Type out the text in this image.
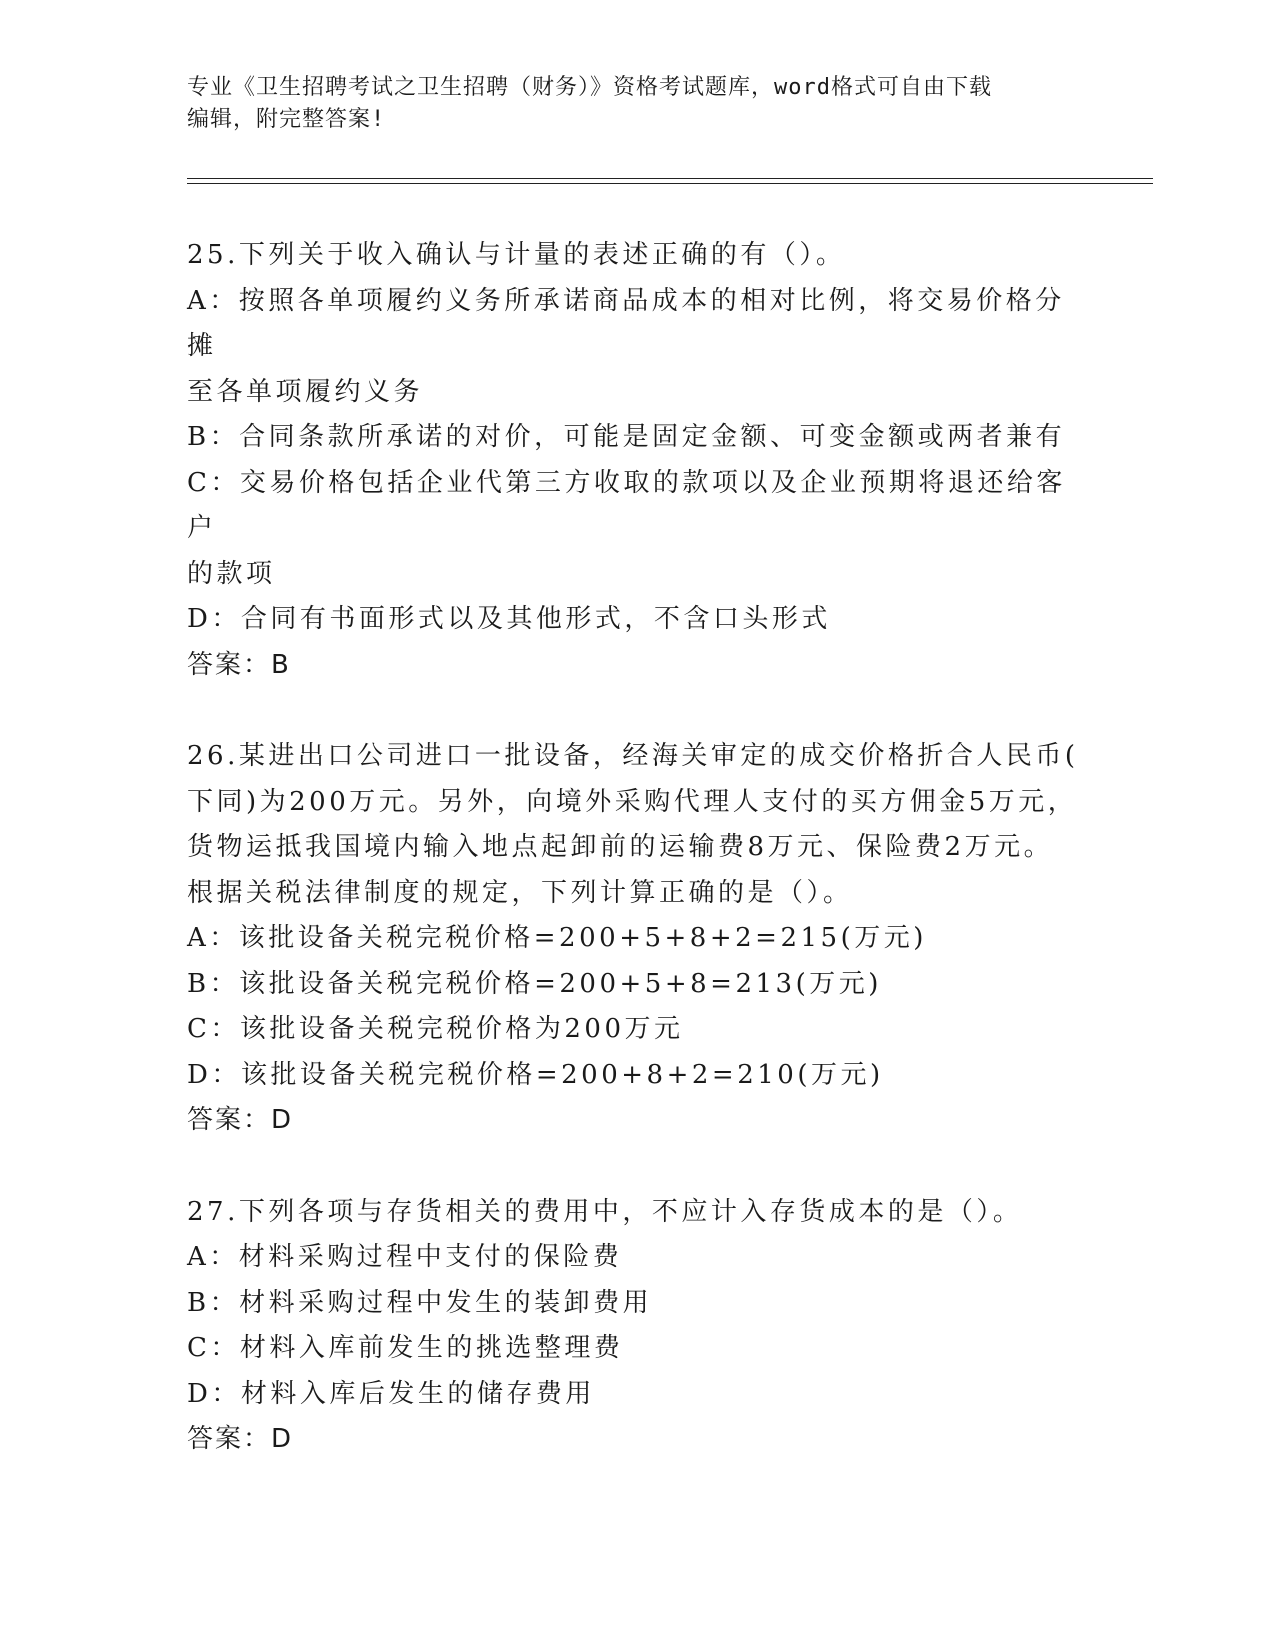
专业《卫生招聘考试之卫生招聘（财务）》资格考试题库，word格式可自由下载
编辑，附完整答案!
25.下列关于收入确认与计量的表述正确的有（）。
A：按照各单项履约义务所承诺商品成本的相对比例，将交易价格分摊
至各单项履约义务
B：合同条款所承诺的对价，可能是固定金额、可变金额或两者兼有
C：交易价格包括企业代第三方收取的款项以及企业预期将退还给客户
的款项
D：合同有书面形式以及其他形式，不含口头形式
答案：B
26.某进出口公司进口一批设备，经海关审定的成交价格折合人民币(
下同)为200万元。另外，向境外采购代理人支付的买方佣金5万元，
货物运抵我国境内输入地点起卸前的运输费8万元、保险费2万元。
根据关税法律制度的规定，下列计算正确的是（）。
A：该批设备关税完税价格=200+5+8+2=215(万元)
B：该批设备关税完税价格=200+5+8=213(万元)
C：该批设备关税完税价格为200万元
D：该批设备关税完税价格=200+8+2=210(万元)
答案：D
27.下列各项与存货相关的费用中，不应计入存货成本的是（）。
A：材料采购过程中支付的保险费
B：材料采购过程中发生的装卸费用
C：材料入库前发生的挑选整理费
D：材料入库后发生的储存费用
答案：D
